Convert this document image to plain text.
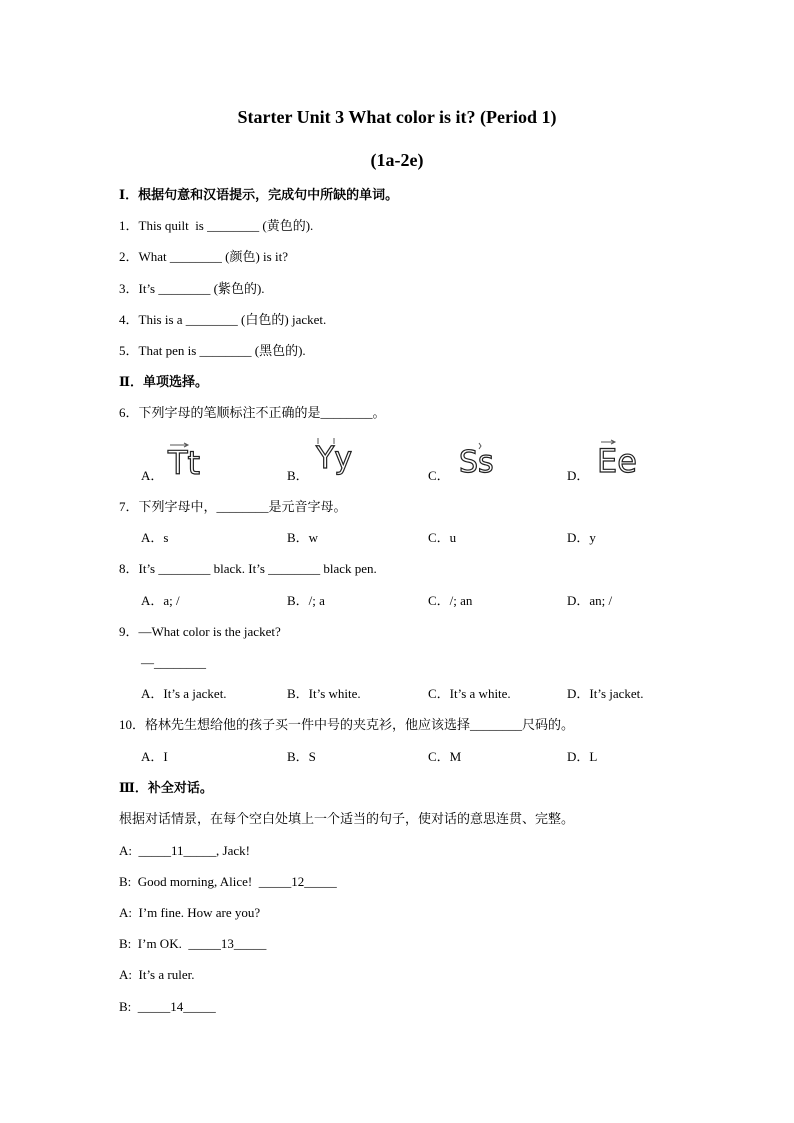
Starter Unit 3 What color is it? (Period 1)
(1a-2e)
Ⅰ．根据句意和汉语提示，完成句中所缺的单词。
1．This quilt  is ________ (黄色的).
2．What ________ (颜色) is it?
3．It’s ________ (紫色的).
4．This is a ________ (白色的) jacket.
5．That pen is ________ (黑色的).
Ⅱ．单项选择。
6．下列字母的笔顺标注不正确的是________。
A．	B．	C．	D．
Tt	Yy	Ss	Ee
7．下列字母中，________是元音字母。
A．s	B．w	C．u	D．y
8．It’s ________ black. It’s ________ black pen.
A．a; /	B．/; a	C．/; an	D．an; /
9．—What color is the jacket?
—________
A．It’s a jacket.	B．It’s white.	C．It’s a white.	D．It’s jacket.
10．格林先生想给他的孩子买一件中号的夹克衫，他应该选择________尺码的。
A．I	B．S	C．M	D．L
Ⅲ．补全对话。
根据对话情景，在每个空白处填上一个适当的句子，使对话的意思连贯、完整。
A:  _____11_____, Jack!
B:  Good morning, Alice!  _____12_____
A:  I’m fine. How are you?
B:  I’m OK.  _____13_____
A:  It’s a ruler.
B:  _____14_____
